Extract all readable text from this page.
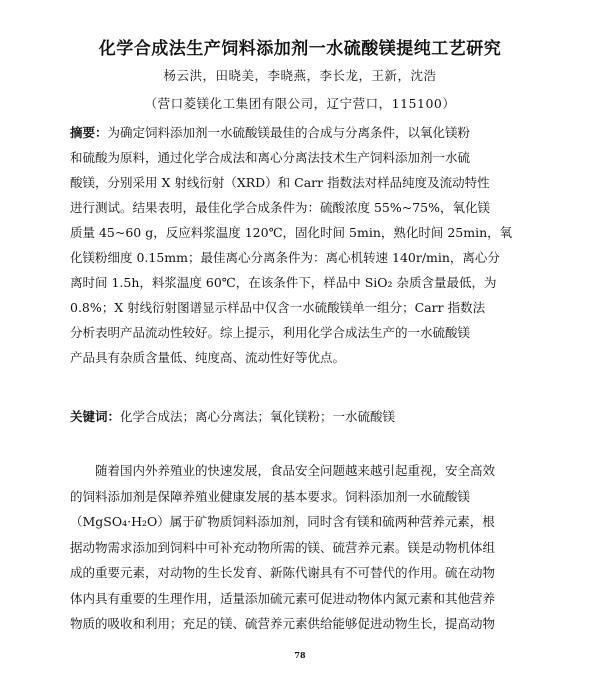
化学合成法生产饲料添加剂一水硫酸镁提纯工艺研究
杨云洪，田晓美，李晓燕，李长龙，王新，沈浩
（营口菱镁化工集团有限公司，辽宁营口，115100）
摘要：为确定饲料添加剂一水硫酸镁最佳的合成与分离条件，以氧化镁粉
和硫酸为原料，通过化学合成法和离心分离法技术生产饲料添加剂一水硫
酸镁，分别采用 X 射线衍射（XRD）和 Carr 指数法对样品纯度及流动特性
进行测试。结果表明，最佳化学合成条件为：硫酸浓度 55%~75%，氧化镁
质量 45~60 g，反应料浆温度 120℃，固化时间 5min，熟化时间 25min，氧
化镁粉细度 0.15mm；最佳离心分离条件为：离心机转速 140r/min，离心分
离时间 1.5h，料浆温度 60℃，在该条件下，样品中 SiO₂ 杂质含量最低，为
0.8%；X 射线衍射图谱显示样品中仅含一水硫酸镁单一组分；Carr 指数法
分析表明产品流动性较好。综上提示，利用化学合成法生产的一水硫酸镁
产品具有杂质含量低、纯度高、流动性好等优点。
关键词：化学合成法；离心分离法；氧化镁粉；一水硫酸镁
　　随着国内外养殖业的快速发展，食品安全问题越来越引起重视，安全高效
的饲料添加剂是保障养殖业健康发展的基本要求。饲料添加剂一水硫酸镁
（MgSO₄·H₂O）属于矿物质饲料添加剂，同时含有镁和硫两种营养元素，根
据动物需求添加到饲料中可补充动物所需的镁、硫营养元素。镁是动物机体组
成的重要元素，对动物的生长发育、新陈代谢具有不可替代的作用。硫在动物
体内具有重要的生理作用，适量添加硫元素可促进动物体内氮元素和其他营养
物质的吸收和利用；充足的镁、硫营养元素供给能够促进动物生长，提高动物
78
